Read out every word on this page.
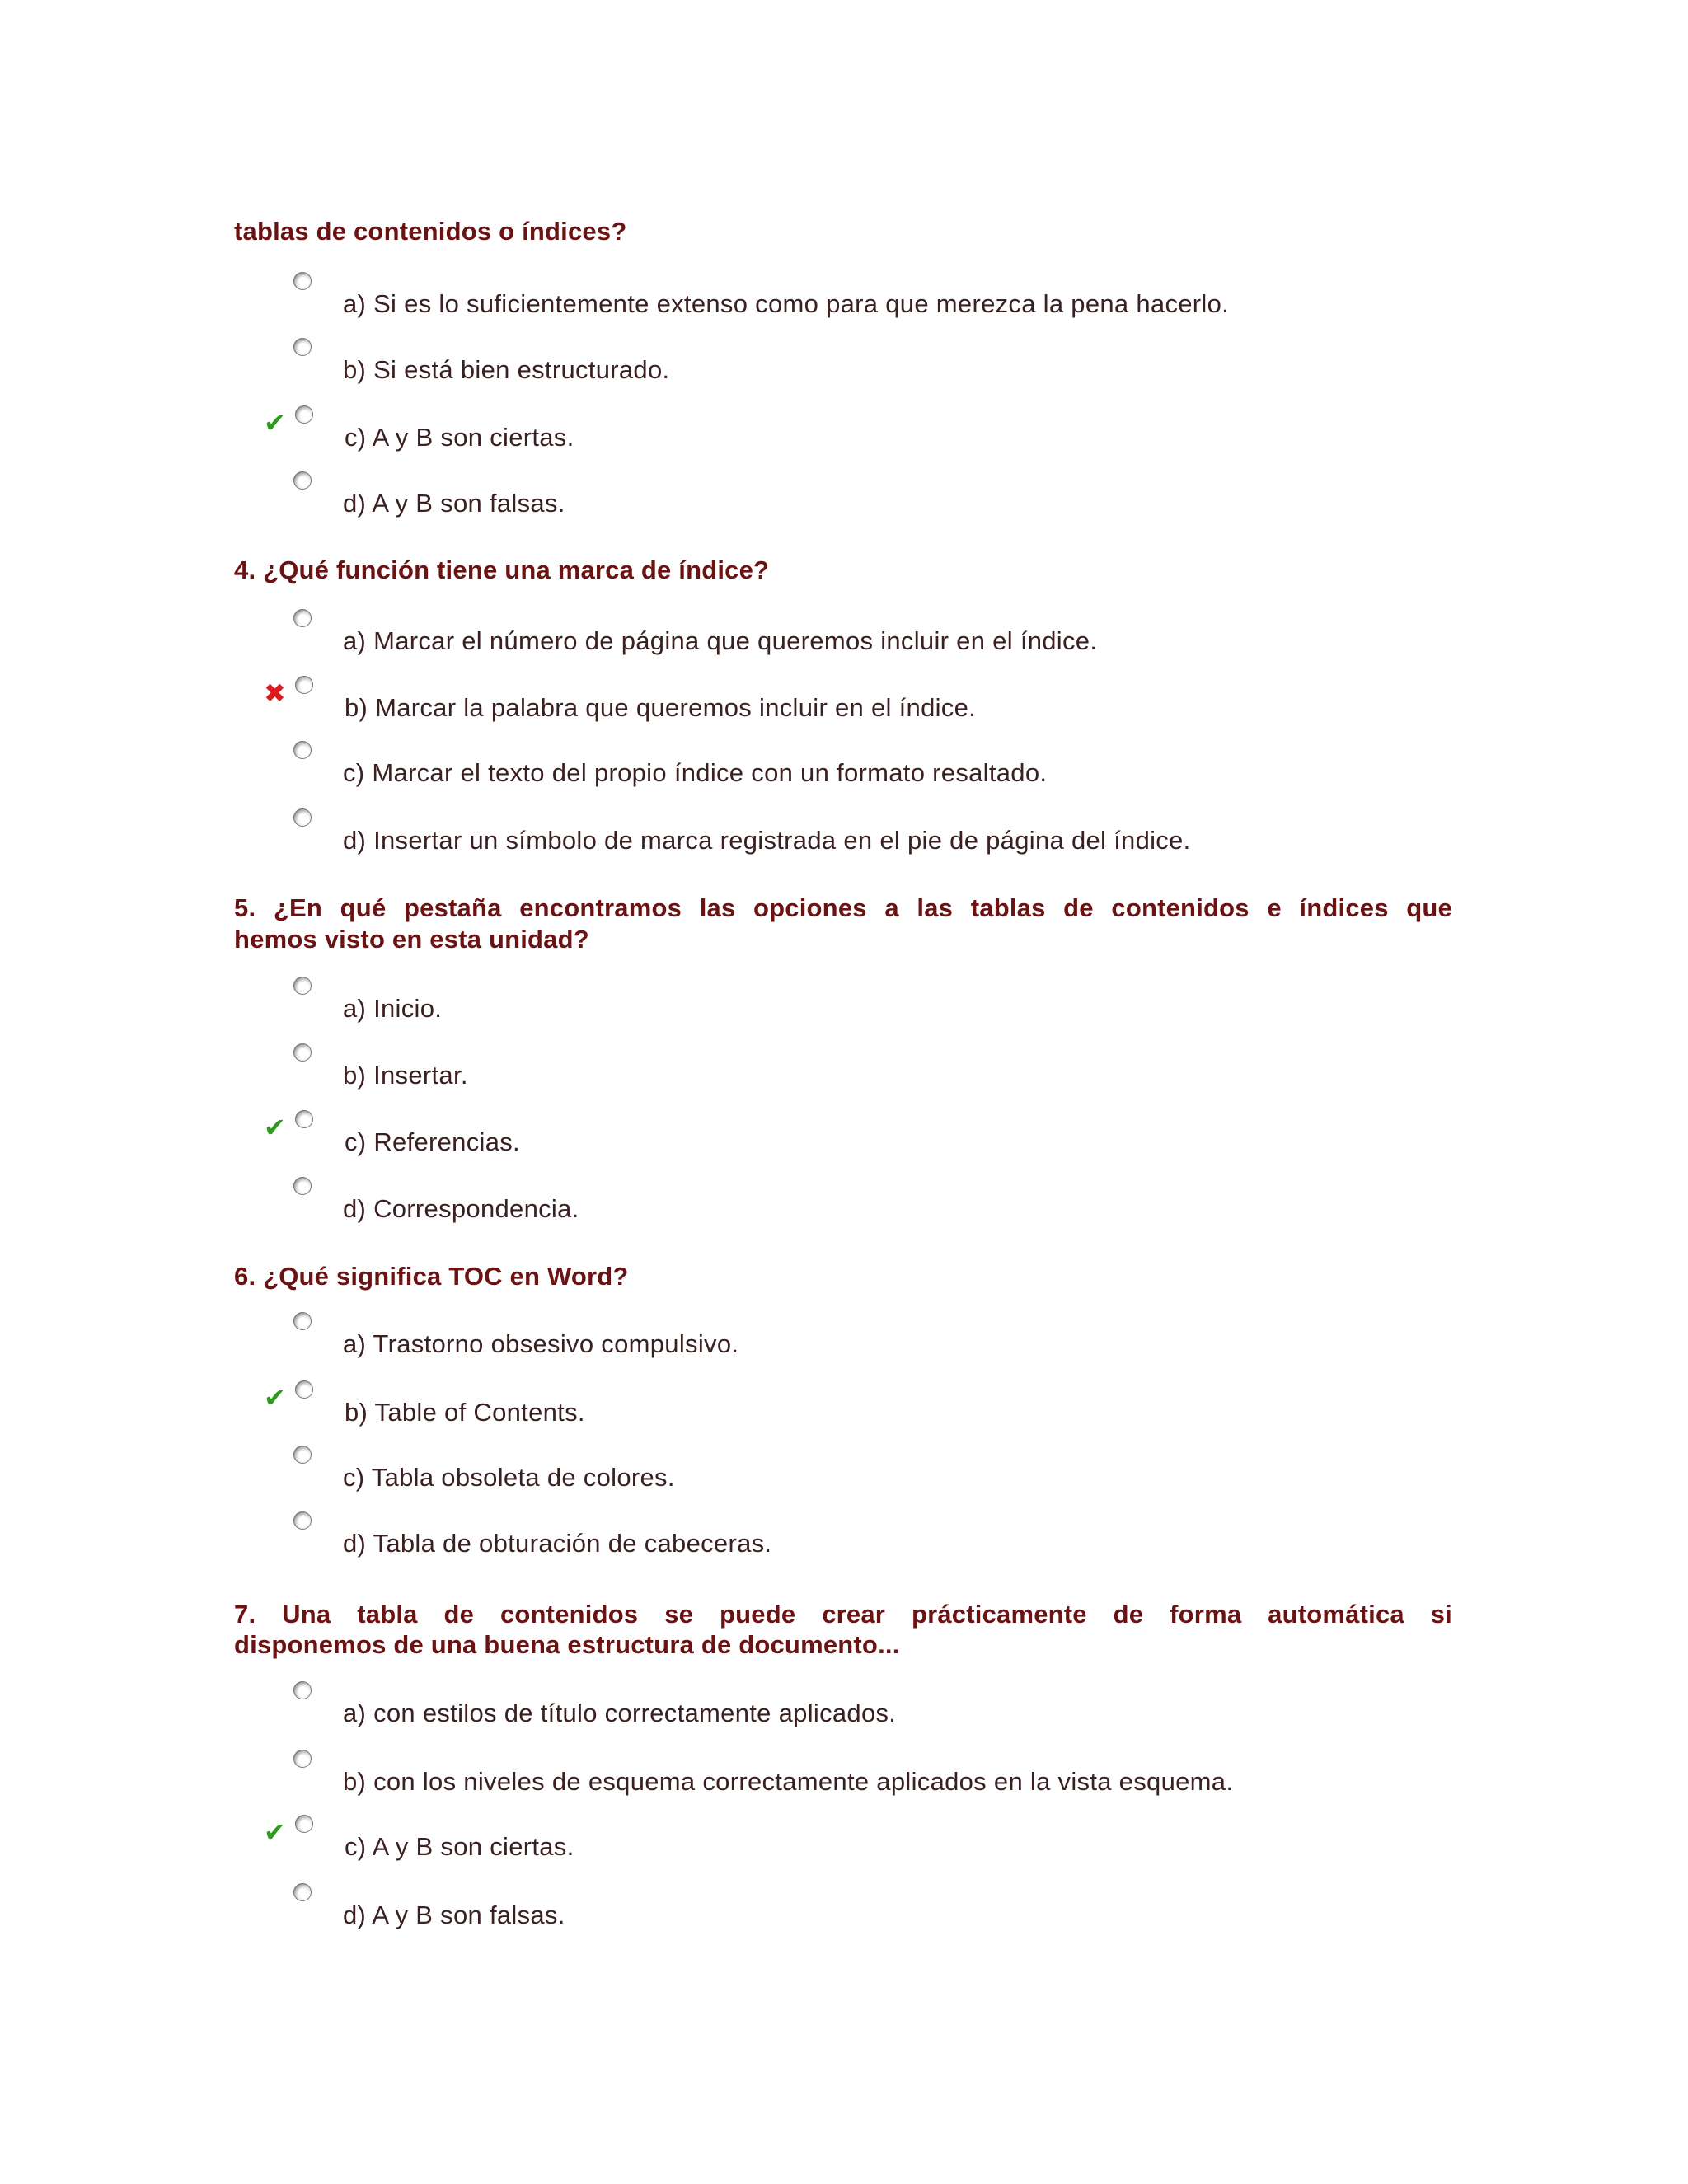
tablas de contenidos o índices?
a) Si es lo suficientemente extenso como para que merezca la pena hacerlo.
b) Si está bien estructurado.
✔ c) A y B son ciertas.
d) A y B son falsas.
4. ¿Qué función tiene una marca de índice?
a) Marcar el número de página que queremos incluir en el índice.
✖ b) Marcar la palabra que queremos incluir en el índice.
c) Marcar el texto del propio índice con un formato resaltado.
d) Insertar un símbolo de marca registrada en el pie de página del índice.
5. ¿En qué pestaña encontramos las opciones a las tablas de contenidos e índices que
hemos visto en esta unidad?
a) Inicio.
b) Insertar.
✔ c) Referencias.
d) Correspondencia.
6. ¿Qué significa TOC en Word?
a) Trastorno obsesivo compulsivo.
✔ b) Table of Contents.
c) Tabla obsoleta de colores.
d) Tabla de obturación de cabeceras.
7. Una tabla de contenidos se puede crear prácticamente de forma automática si
disponemos de una buena estructura de documento...
a) con estilos de título correctamente aplicados.
b) con los niveles de esquema correctamente aplicados en la vista esquema.
✔ c) A y B son ciertas.
d) A y B son falsas.
